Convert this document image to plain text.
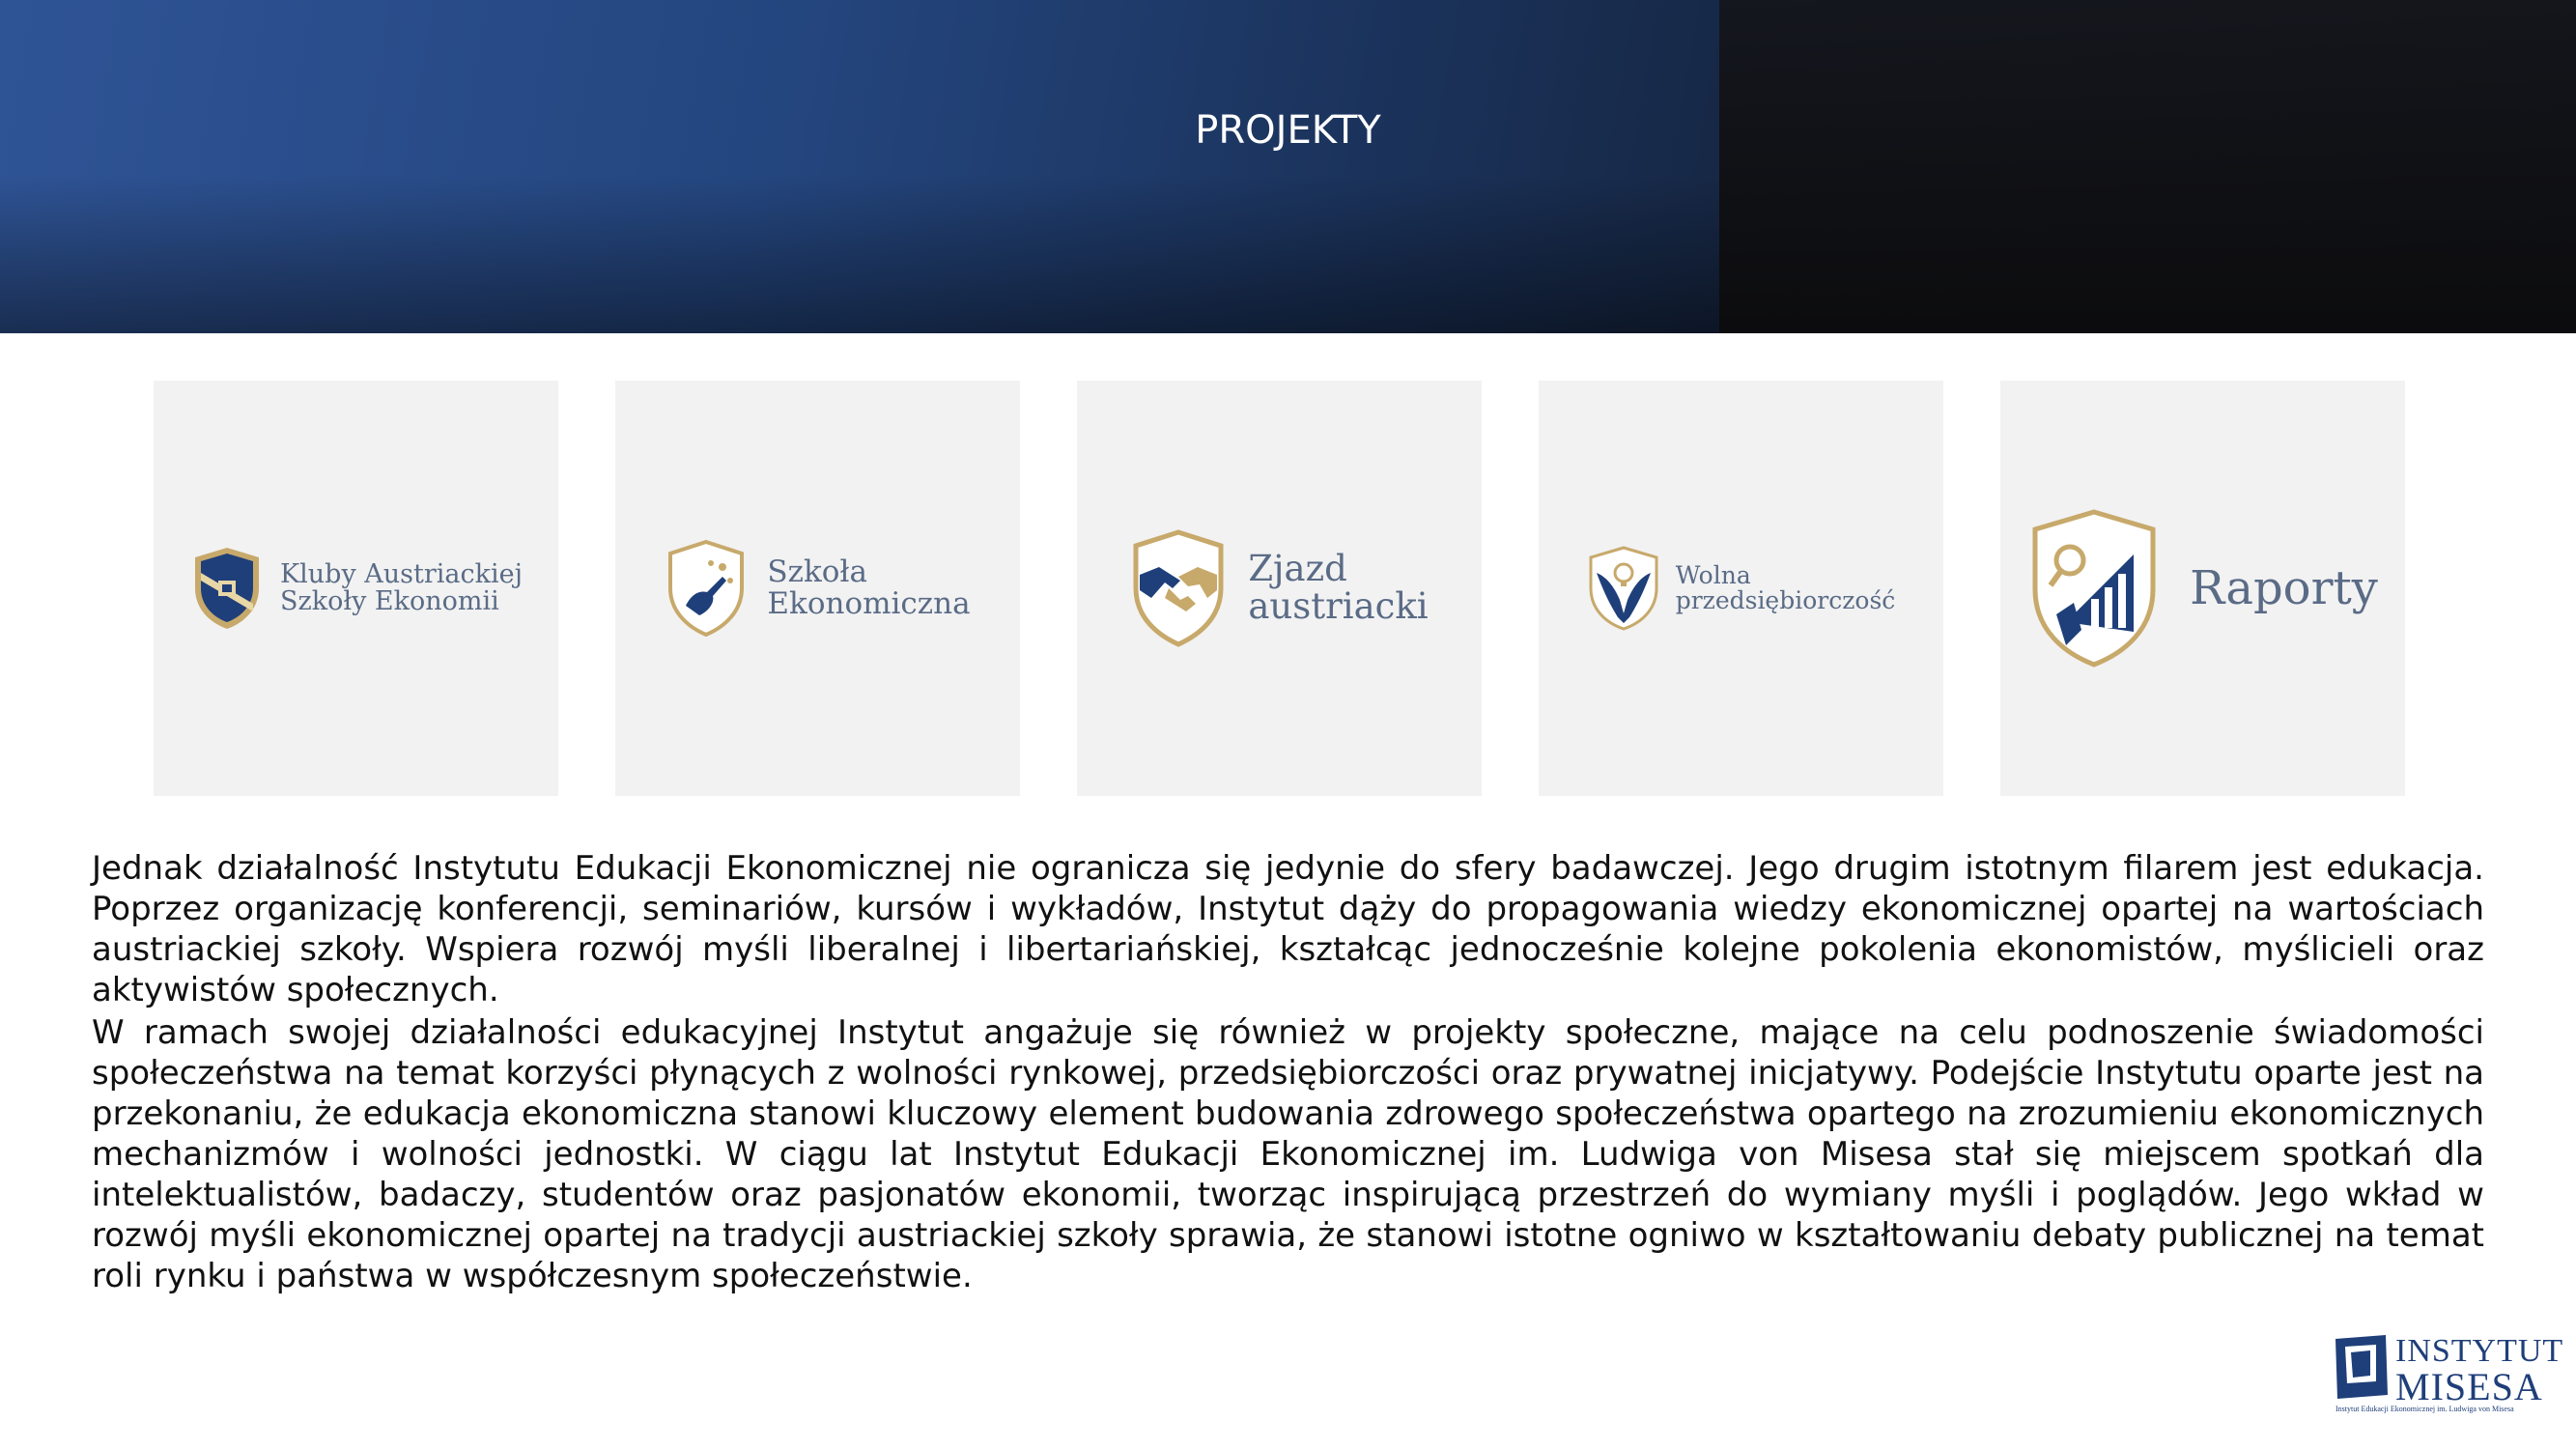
PROJEKTY
Kluby Austriackiej
Szkoły Ekonomii
Szkoła
Ekonomiczna
Zjazd
austriacki
Wolna
przedsiębiorczość	Raporty
Jednak działalność Instytutu Edukacji Ekonomicznej nie ogranicza się jedynie do sfery badawczej. Jego drugim istotnym filarem jest edukacja. Poprzez organizację konferencji, seminariów, kursów i wykładów, Instytut dąży do propagowania wiedzy ekonomicznej opartej na wartościach austriackiej szkoły. Wspiera rozwój myśli liberalnej i libertariańskiej, kształcąc jednocześnie kolejne pokolenia ekonomistów, myślicieli oraz aktywistów społecznych.
W ramach swojej działalności edukacyjnej Instytut angażuje się również w projekty społeczne, mające na celu podnoszenie świadomości społeczeństwa na temat korzyści płynących z wolności rynkowej, przedsiębiorczości oraz prywatnej inicjatywy. Podejście Instytutu oparte jest na przekonaniu, że edukacja ekonomiczna stanowi kluczowy element budowania zdrowego społeczeństwa opartego na zrozumieniu ekonomicznych mechanizmów i wolności jednostki. W ciągu lat Instytut Edukacji Ekonomicznej im. Ludwiga von Misesa stał się miejscem spotkań dla intelektualistów, badaczy, studentów oraz pasjonatów ekonomii, tworząc inspirującą przestrzeń do wymiany myśli i poglądów. Jego wkład w rozwój myśli ekonomicznej opartej na tradycji austriackiej szkoły sprawia, że stanowi istotne ogniwo w kształtowaniu debaty publicznej na temat roli rynku i państwa w współczesnym społeczeństwie.
INSTYTUT
MISESA
Instytut Edukacji Ekonomicznej im. Ludwiga von Misesa
